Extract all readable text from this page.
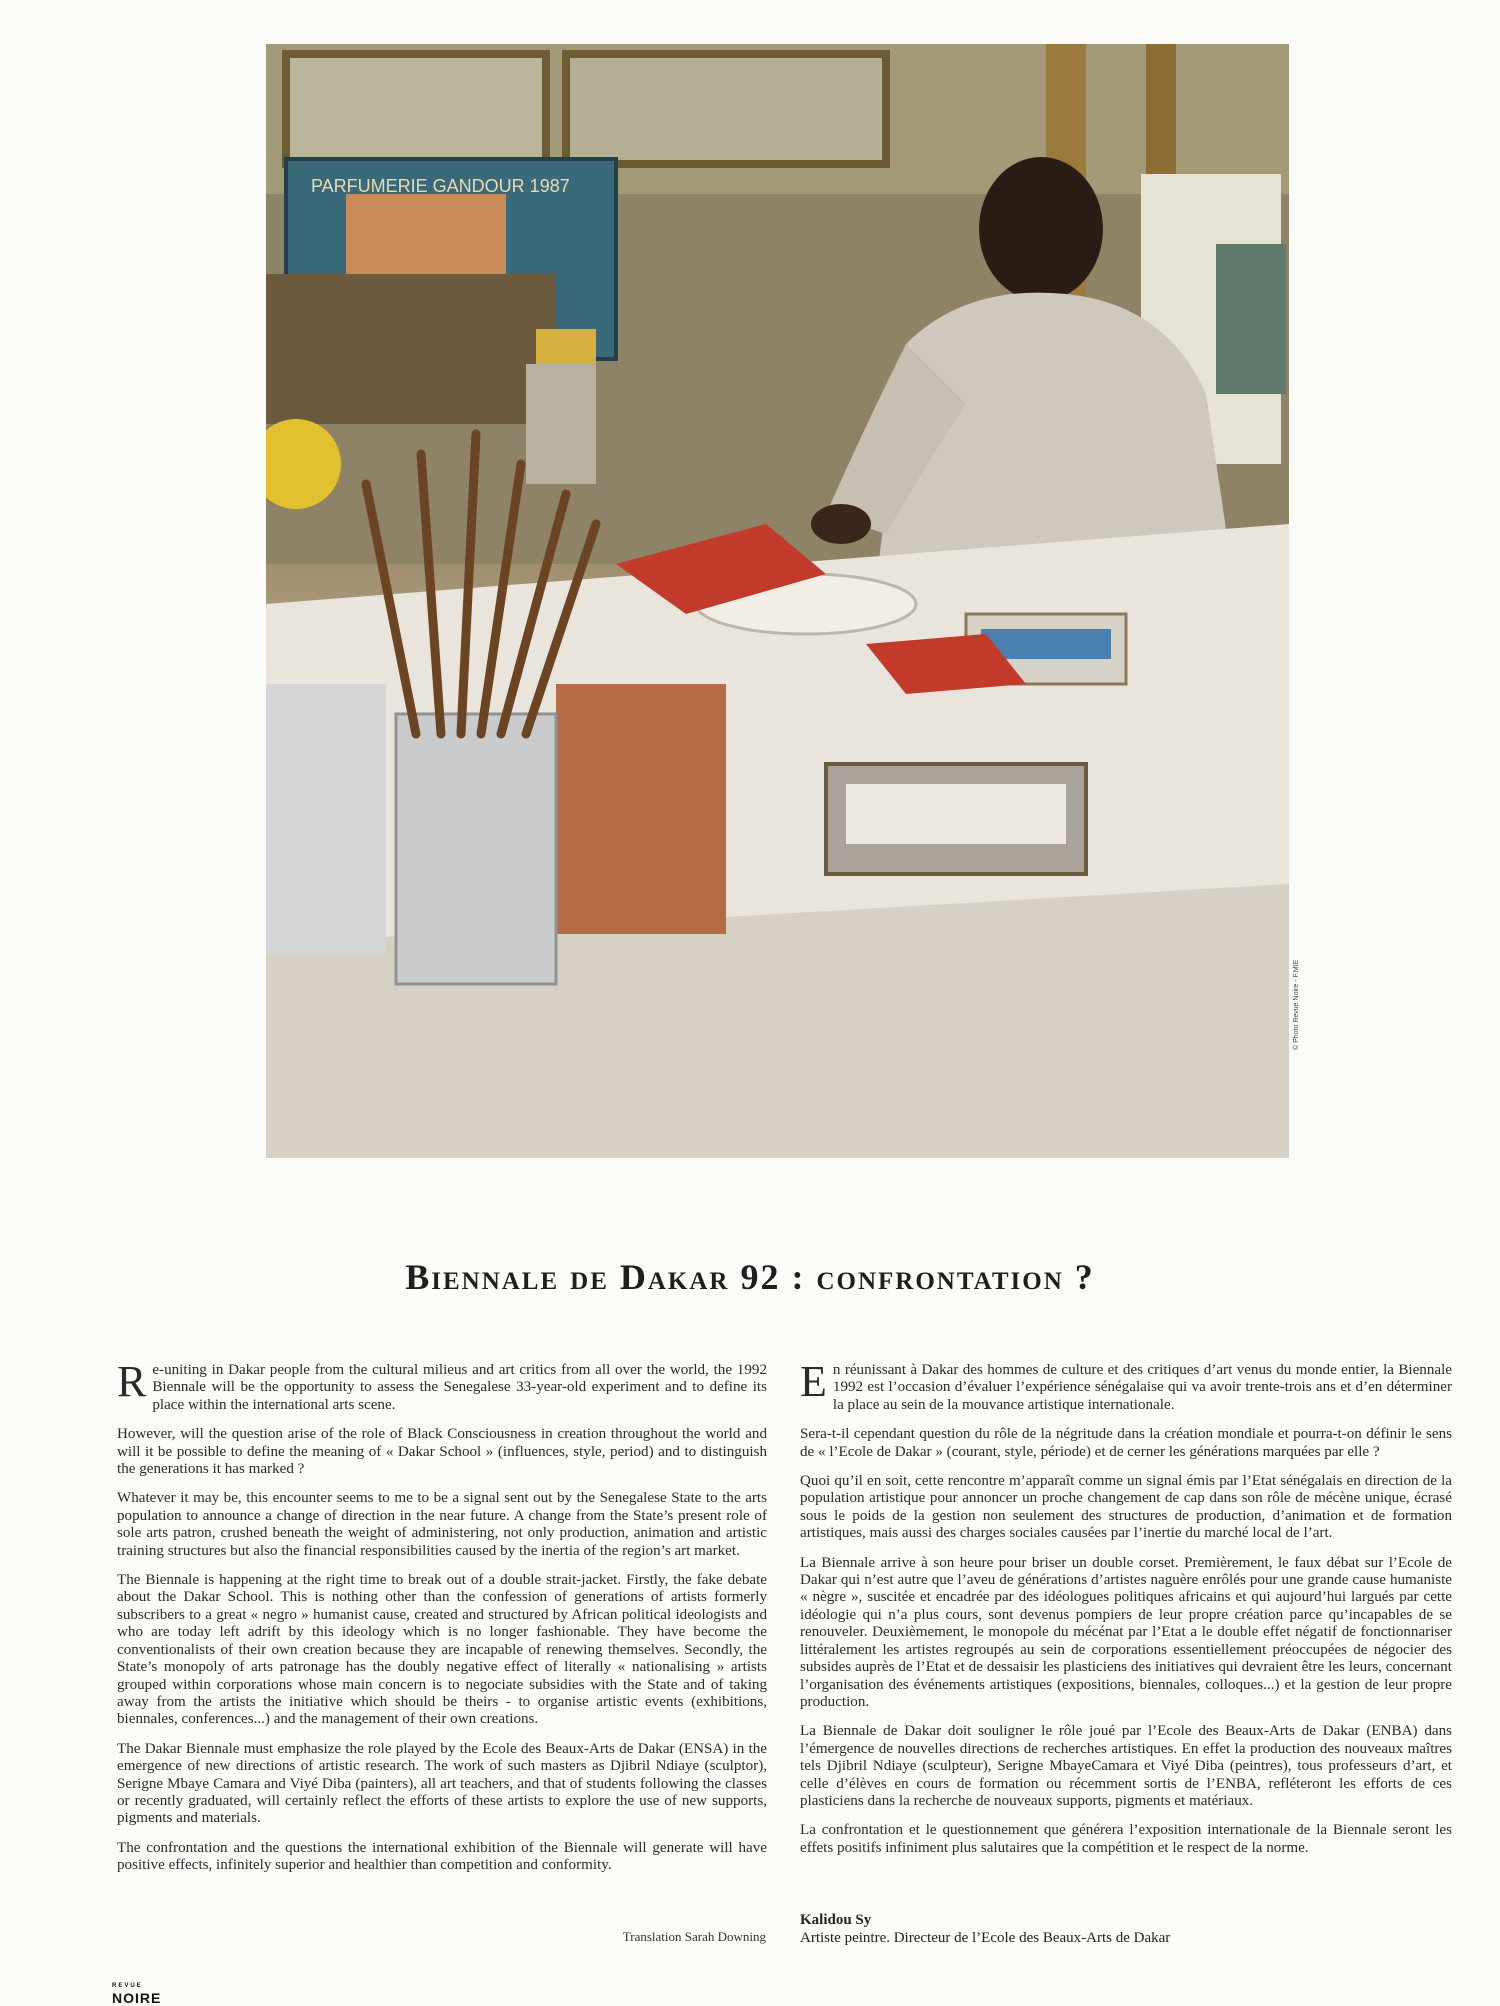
PARFUMERIE GANDOUR 1987
© Photo Revue Noire - F.MIE
Biennale de Dakar 92 : confrontation ?

Re-uniting in Dakar people from the cultural milieus and art critics from all over the world, the 1992 Biennale will be the opportunity to assess the Senegalese 33-year-old experiment and to define its place within the international arts scene.

However, will the question arise of the role of Black Consciousness in creation throughout the world and will it be possible to define the meaning of « Dakar School » (influences, style, period) and to distinguish the generations it has marked ?

Whatever it may be, this encounter seems to me to be a signal sent out by the Senegalese State to the arts population to announce a change of direction in the near future. A change from the State’s present role of sole arts patron, crushed beneath the weight of administering, not only production, animation and artistic training structures but also the financial responsibilities caused by the inertia of the region’s art market.

The Biennale is happening at the right time to break out of a double strait-jacket. Firstly, the fake debate about the Dakar School. This is nothing other than the confession of generations of artists formerly subscribers to a great « negro » humanist cause, created and structured by African political ideologists and who are today left adrift by this ideology which is no longer fashionable. They have become the conventionalists of their own creation because they are incapable of renewing themselves. Secondly, the State’s monopoly of arts patronage has the doubly negative effect of literally « nationalising » artists grouped within corporations whose main concern is to negociate subsidies with the State and of taking away from the artists the initiative which should be theirs - to organise artistic events (exhibitions, biennales, conferences...) and the management of their own creations.

The Dakar Biennale must emphasize the role played by the Ecole des Beaux-Arts de Dakar (ENSA) in the emergence of new directions of artistic research. The work of such masters as Djibril Ndiaye (sculptor), Serigne Mbaye Camara and Viyé Diba (painters), all art teachers, and that of students following the classes or recently graduated, will certainly reflect the efforts of these artists to explore the use of new supports, pigments and materials.

The confrontation and the questions the international exhibition of the Biennale will generate will have positive effects, infinitely superior and healthier than competition and conformity.

Translation Sarah Downing

En réunissant à Dakar des hommes de culture et des critiques d’art venus du monde entier, la Biennale 1992 est l’occasion d’évaluer l’expérience sénégalaise qui va avoir trente-trois ans et d’en déterminer la place au sein de la mouvance artistique internationale.

Sera-t-il cependant question du rôle de la négritude dans la création mondiale et pourra-t-on définir le sens de « l’Ecole de Dakar » (courant, style, période) et de cerner les générations marquées par elle ?

Quoi qu’il en soit, cette rencontre m’apparaît comme un signal émis par l’Etat sénégalais en direction de la population artistique pour annoncer un proche changement de cap dans son rôle de mécène unique, écrasé sous le poids de la gestion non seulement des structures de production, d’animation et de formation artistiques, mais aussi des charges sociales causées par l’inertie du marché local de l’art.

La Biennale arrive à son heure pour briser un double corset. Premièrement, le faux débat sur l’Ecole de Dakar qui n’est autre que l’aveu de générations d’artistes naguère enrôlés pour une grande cause humaniste « nègre », suscitée et encadrée par des idéologues politiques africains et qui aujourd’hui largués par cette idéologie qui n’a plus cours, sont devenus pompiers de leur propre création parce qu’incapables de se renouveler. Deuxièmement, le monopole du mécénat par l’Etat a le double effet négatif de fonctionnariser littéralement les artistes regroupés au sein de corporations essentiellement préoccupées de négocier des subsides auprès de l’Etat et de dessaisir les plasticiens des initiatives qui devraient être les leurs, concernant l’organisation des événements artistiques (expositions, biennales, colloques...) et la gestion de leur propre production.

La Biennale de Dakar doit souligner le rôle joué par l’Ecole des Beaux-Arts de Dakar (ENBA) dans l’émergence de nouvelles directions de recherches artistiques. En effet la production des nouveaux maîtres tels Djibril Ndiaye (sculpteur), Serigne MbayeCamara et Viyé Diba (peintres), tous professeurs d’art, et celle d’élèves en cours de formation ou récemment sortis de l’ENBA, refléteront les efforts de ces plasticiens dans la recherche de nouveaux supports, pigments et matériaux.

La confrontation et le questionnement que générera l’exposition internationale de la Biennale seront les effets positifs infiniment plus salutaires que la compétition et le respect de la norme.

Kalidou Sy
Artiste peintre. Directeur de l’Ecole des Beaux-Arts de Dakar
REVUE
NOIRE
